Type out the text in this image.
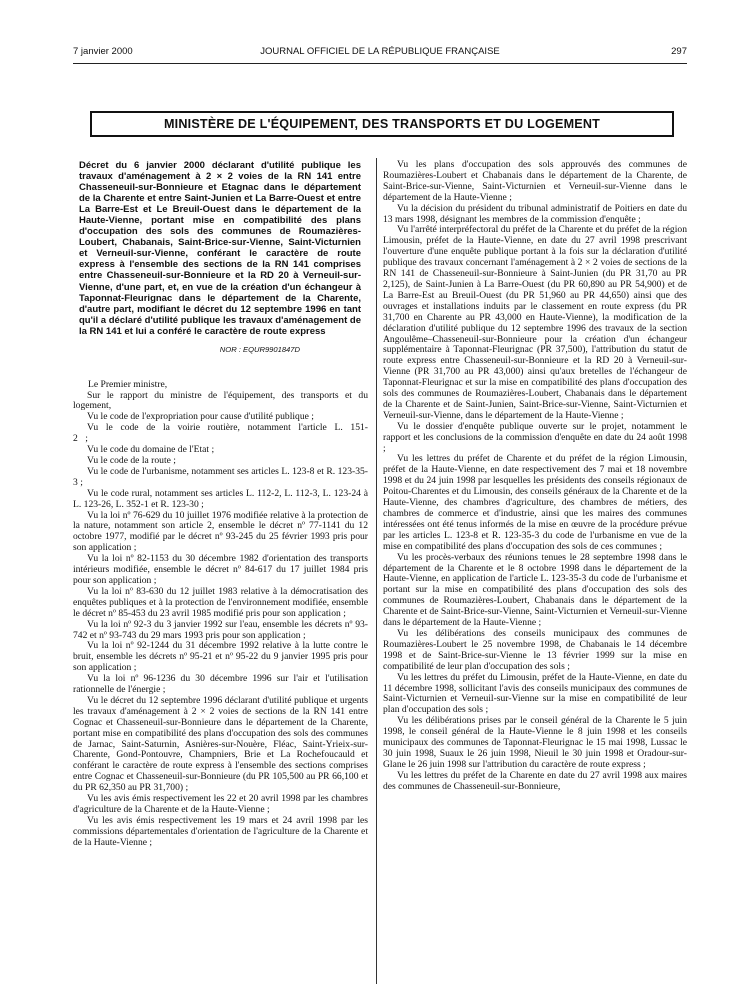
7 janvier 2000	JOURNAL OFFICIEL DE LA RÉPUBLIQUE FRANÇAISE	297
MINISTÈRE DE L'ÉQUIPEMENT, DES TRANSPORTS ET DU LOGEMENT

Décret du 6 janvier 2000 déclarant d'utilité publique les travaux d'aménagement à 2 × 2 voies de la RN 141 entre Chasseneuil-sur-Bonnieure et Etagnac dans le département de la Charente et entre Saint-Junien et La Barre-Ouest et entre La Barre-Est et Le Breuil-Ouest dans le département de la Haute-Vienne, portant mise en compatibilité des plans d'occupation des sols des communes de Roumazières-Loubert, Chabanais, Saint-Brice-sur-Vienne, Saint-Victurnien et Verneuil-sur-Vienne, conférant le caractère de route express à l'ensemble des sections de la RN 141 comprises entre Chasseneuil-sur-Bonnieure et la RD 20 à Verneuil-sur-Vienne, d'une part, et, en vue de la création d'un échangeur à Taponnat-Fleurignac dans le département de la Charente, d'autre part, modifiant le décret du 12 septembre 1996 en tant qu'il a déclaré d'utilité publique les travaux d'aménagement de la RN 141 et lui a conféré le caractère de route express

NOR : EQUR9901847D

Le Premier ministre,

Sur le rapport du ministre de l'équipement, des transports et du logement,

Vu le code de l'expropriation pour cause d'utilité publique ;

Vu le code de la voirie routière, notamment l'article L. 151-2 ;

Vu le code du domaine de l'Etat ;

Vu le code de la route ;

Vu le code de l'urbanisme, notamment ses articles L. 123-8 et R. 123-35-3 ;

Vu le code rural, notamment ses articles L. 112-2, L. 112-3, L. 123-24 à L. 123-26, L. 352-1 et R. 123-30 ;

Vu la loi nº 76-629 du 10 juillet 1976 modifiée relative à la protection de la nature, notamment son article 2, ensemble le décret nº 77-1141 du 12 octobre 1977, modifié par le décret nº 93-245 du 25 février 1993 pris pour son application ;

Vu la loi nº 82-1153 du 30 décembre 1982 d'orientation des transports intérieurs modifiée, ensemble le décret nº 84-617 du 17 juillet 1984 pris pour son application ;

Vu la loi nº 83-630 du 12 juillet 1983 relative à la démocratisation des enquêtes publiques et à la protection de l'environnement modifiée, ensemble le décret nº 85-453 du 23 avril 1985 modifié pris pour son application ;

Vu la loi nº 92-3 du 3 janvier 1992 sur l'eau, ensemble les décrets nº 93-742 et nº 93-743 du 29 mars 1993 pris pour son application ;

Vu la loi nº 92-1244 du 31 décembre 1992 relative à la lutte contre le bruit, ensemble les décrets nº 95-21 et nº 95-22 du 9 janvier 1995 pris pour son application ;

Vu la loi nº 96-1236 du 30 décembre 1996 sur l'air et l'utilisation rationnelle de l'énergie ;

Vu le décret du 12 septembre 1996 déclarant d'utilité publique et urgents les travaux d'aménagement à 2 × 2 voies de sections de la RN 141 entre Cognac et Chasseneuil-sur-Bonnieure dans le département de la Charente, portant mise en compatibilité des plans d'occupation des sols des communes de Jarnac, Saint-Saturnin, Asnières-sur-Nouère, Fléac, Saint-Yrieix-sur-Charente, Gond-Pontouvre, Champniers, Brie et La Rochefoucauld et conférant le caractère de route express à l'ensemble des sections comprises entre Cognac et Chasseneuil-sur-Bonnieure (du PR 105,500 au PR 66,100 et du PR 62,350 au PR 31,700) ;

Vu les avis émis respectivement les 22 et 20 avril 1998 par les chambres d'agriculture de la Charente et de la Haute-Vienne ;

Vu les avis émis respectivement les 19 mars et 24 avril 1998 par les commissions départementales d'orientation de l'agriculture de la Charente et de la Haute-Vienne ;

Vu les plans d'occupation des sols approuvés des communes de Roumazières-Loubert et Chabanais dans le département de la Charente, de Saint-Brice-sur-Vienne, Saint-Victurnien et Verneuil-sur-Vienne dans le département de la Haute-Vienne ;

Vu la décision du président du tribunal administratif de Poitiers en date du 13 mars 1998, désignant les membres de la commission d'enquête ;

Vu l'arrêté interpréfectoral du préfet de la Charente et du préfet de la région Limousin, préfet de la Haute-Vienne, en date du 27 avril 1998 prescrivant l'ouverture d'une enquête publique portant à la fois sur la déclaration d'utilité publique des travaux concernant l'aménagement à 2 × 2 voies de sections de la RN 141 de Chasseneuil-sur-Bonnieure à Saint-Junien (du PR 31,70 au PR 2,125), de Saint-Junien à La Barre-Ouest (du PR 60,890 au PR 54,900) et de La Barre-Est au Breuil-Ouest (du PR 51,960 au PR 44,650) ainsi que des ouvrages et installations induits par le classement en route express (du PR 31,700 en Charente au PR 43,000 en Haute-Vienne), la modification de la déclaration d'utilité publique du 12 septembre 1996 des travaux de la section Angoulême–Chasseneuil-sur-Bonnieure pour la création d'un échangeur supplémentaire à Taponnat-Fleurignac (PR 37,500), l'attribution du statut de route express entre Chasseneuil-sur-Bonnieure et la RD 20 à Verneuil-sur-Vienne (PR 31,700 au PR 43,000) ainsi qu'aux bretelles de l'échangeur de Taponnat-Fleurignac et sur la mise en compatibilité des plans d'occupation des sols des communes de Roumazières-Loubert, Chabanais dans le département de la Charente et de Saint-Junien, Saint-Brice-sur-Vienne, Saint-Victurnien et Verneuil-sur-Vienne, dans le département de la Haute-Vienne ;

Vu le dossier d'enquête publique ouverte sur le projet, notamment le rapport et les conclusions de la commission d'enquête en date du 24 août 1998 ;

Vu les lettres du préfet de Charente et du préfet de la région Limousin, préfet de la Haute-Vienne, en date respectivement des 7 mai et 18 novembre 1998 et du 24 juin 1998 par lesquelles les présidents des conseils régionaux de Poitou-Charentes et du Limousin, des conseils généraux de la Charente et de la Haute-Vienne, des chambres d'agriculture, des chambres de métiers, des chambres de commerce et d'industrie, ainsi que les maires des communes intéressées ont été tenus informés de la mise en œuvre de la procédure prévue par les articles L. 123-8 et R. 123-35-3 du code de l'urbanisme en vue de la mise en compatibilité des plans d'occupation des sols de ces communes ;

Vu les procès-verbaux des réunions tenues le 28 septembre 1998 dans le département de la Charente et le 8 octobre 1998 dans le département de la Haute-Vienne, en application de l'article L. 123-35-3 du code de l'urbanisme et portant sur la mise en compatibilité des plans d'occupation des sols des communes de Roumazières-Loubert, Chabanais dans le département de la Charente et de Saint-Brice-sur-Vienne, Saint-Victurnien et Verneuil-sur-Vienne dans le département de la Haute-Vienne ;

Vu les délibérations des conseils municipaux des communes de Roumazières-Loubert le 25 novembre 1998, de Chabanais le 14 décembre 1998 et de Saint-Brice-sur-Vienne le 13 février 1999 sur la mise en compatibilité de leur plan d'occupation des sols ;

Vu les lettres du préfet du Limousin, préfet de la Haute-Vienne, en date du 11 décembre 1998, sollicitant l'avis des conseils municipaux des communes de Saint-Victurnien et Verneuil-sur-Vienne sur la mise en compatibilité de leur plan d'occupation des sols ;

Vu les délibérations prises par le conseil général de la Charente le 5 juin 1998, le conseil général de la Haute-Vienne le 8 juin 1998 et les conseils municipaux des communes de Taponnat-Fleurignac le 15 mai 1998, Lussac le 30 juin 1998, Suaux le 26 juin 1998, Nieuil le 30 juin 1998 et Oradour-sur-Glane le 26 juin 1998 sur l'attribution du caractère de route express ;

Vu les lettres du préfet de la Charente en date du 27 avril 1998 aux maires des communes de Chasseneuil-sur-Bonnieure,
